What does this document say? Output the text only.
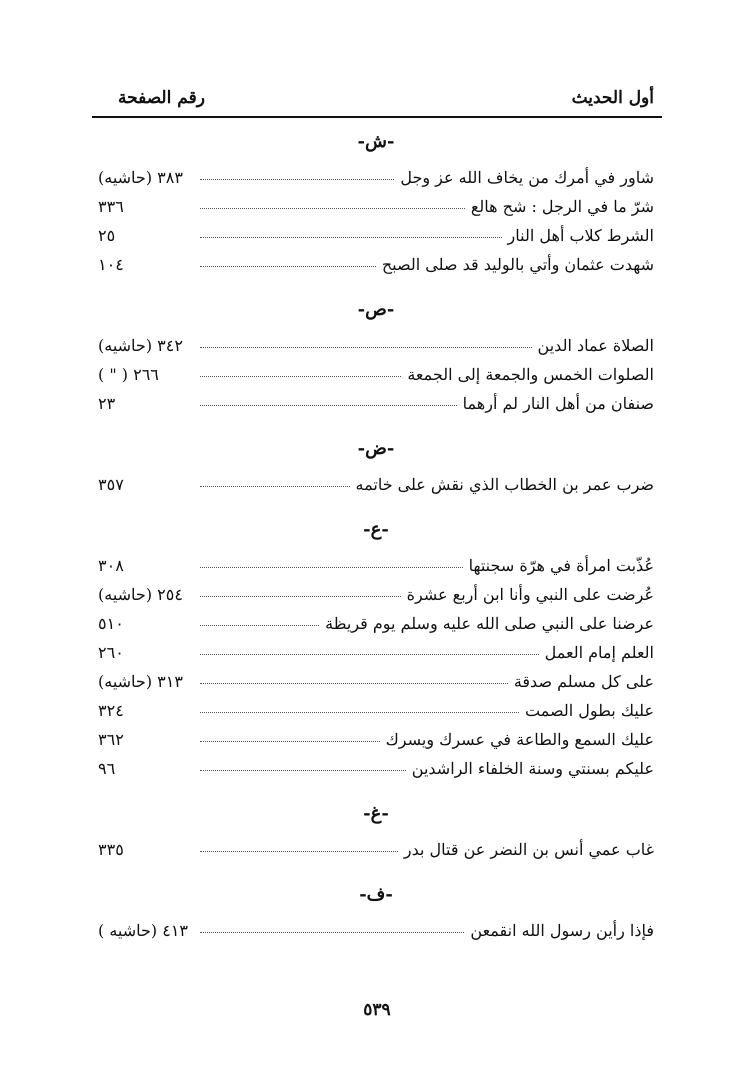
أول الحديث
رقم الصفحة
-ش-
شاور في أمرك من يخاف الله عز وجل
٣٨٣ (حاشيه)
شرّ ما في الرجل : شح هالع
٣٣٦
الشرط كلاب أهل النار
٢٥
شهدت عثمان وأتي بالوليد قد صلى الصبح
١٠٤
-ص-
الصلاة عماد الدين
٣٤٢ (حاشيه)
الصلوات الخمس والجمعة إلى الجمعة
٢٦٦ ( " )
صنفان من أهل النار لم أرهما
٢٣
-ض-
ضرب عمر بن الخطاب الذي نقش على خاتمه
٣٥٧
-ع-
عُذّبت امرأة في هرّة سجنتها
٣٠٨
عُرضت على النبي وأنا ابن أربع عشرة
٢٥٤ (حاشيه)
عرضنا على النبي صلى الله عليه وسلم يوم قريظة
٥١٠
العلم إمام العمل
٢٦٠
على كل مسلم صدقة
٣١٣ (حاشيه)
عليك بطول الصمت
٣٢٤
عليك السمع والطاعة في عسرك ويسرك
٣٦٢
عليكم بسنتي وسنة الخلفاء الراشدين
٩٦
-غ-
غاب عمي أنس بن النضر عن قتال بدر
٣٣٥
-ف-
فإذا رأين رسول الله انقمعن
٤١٣ (حاشيه )
٥٣٩
